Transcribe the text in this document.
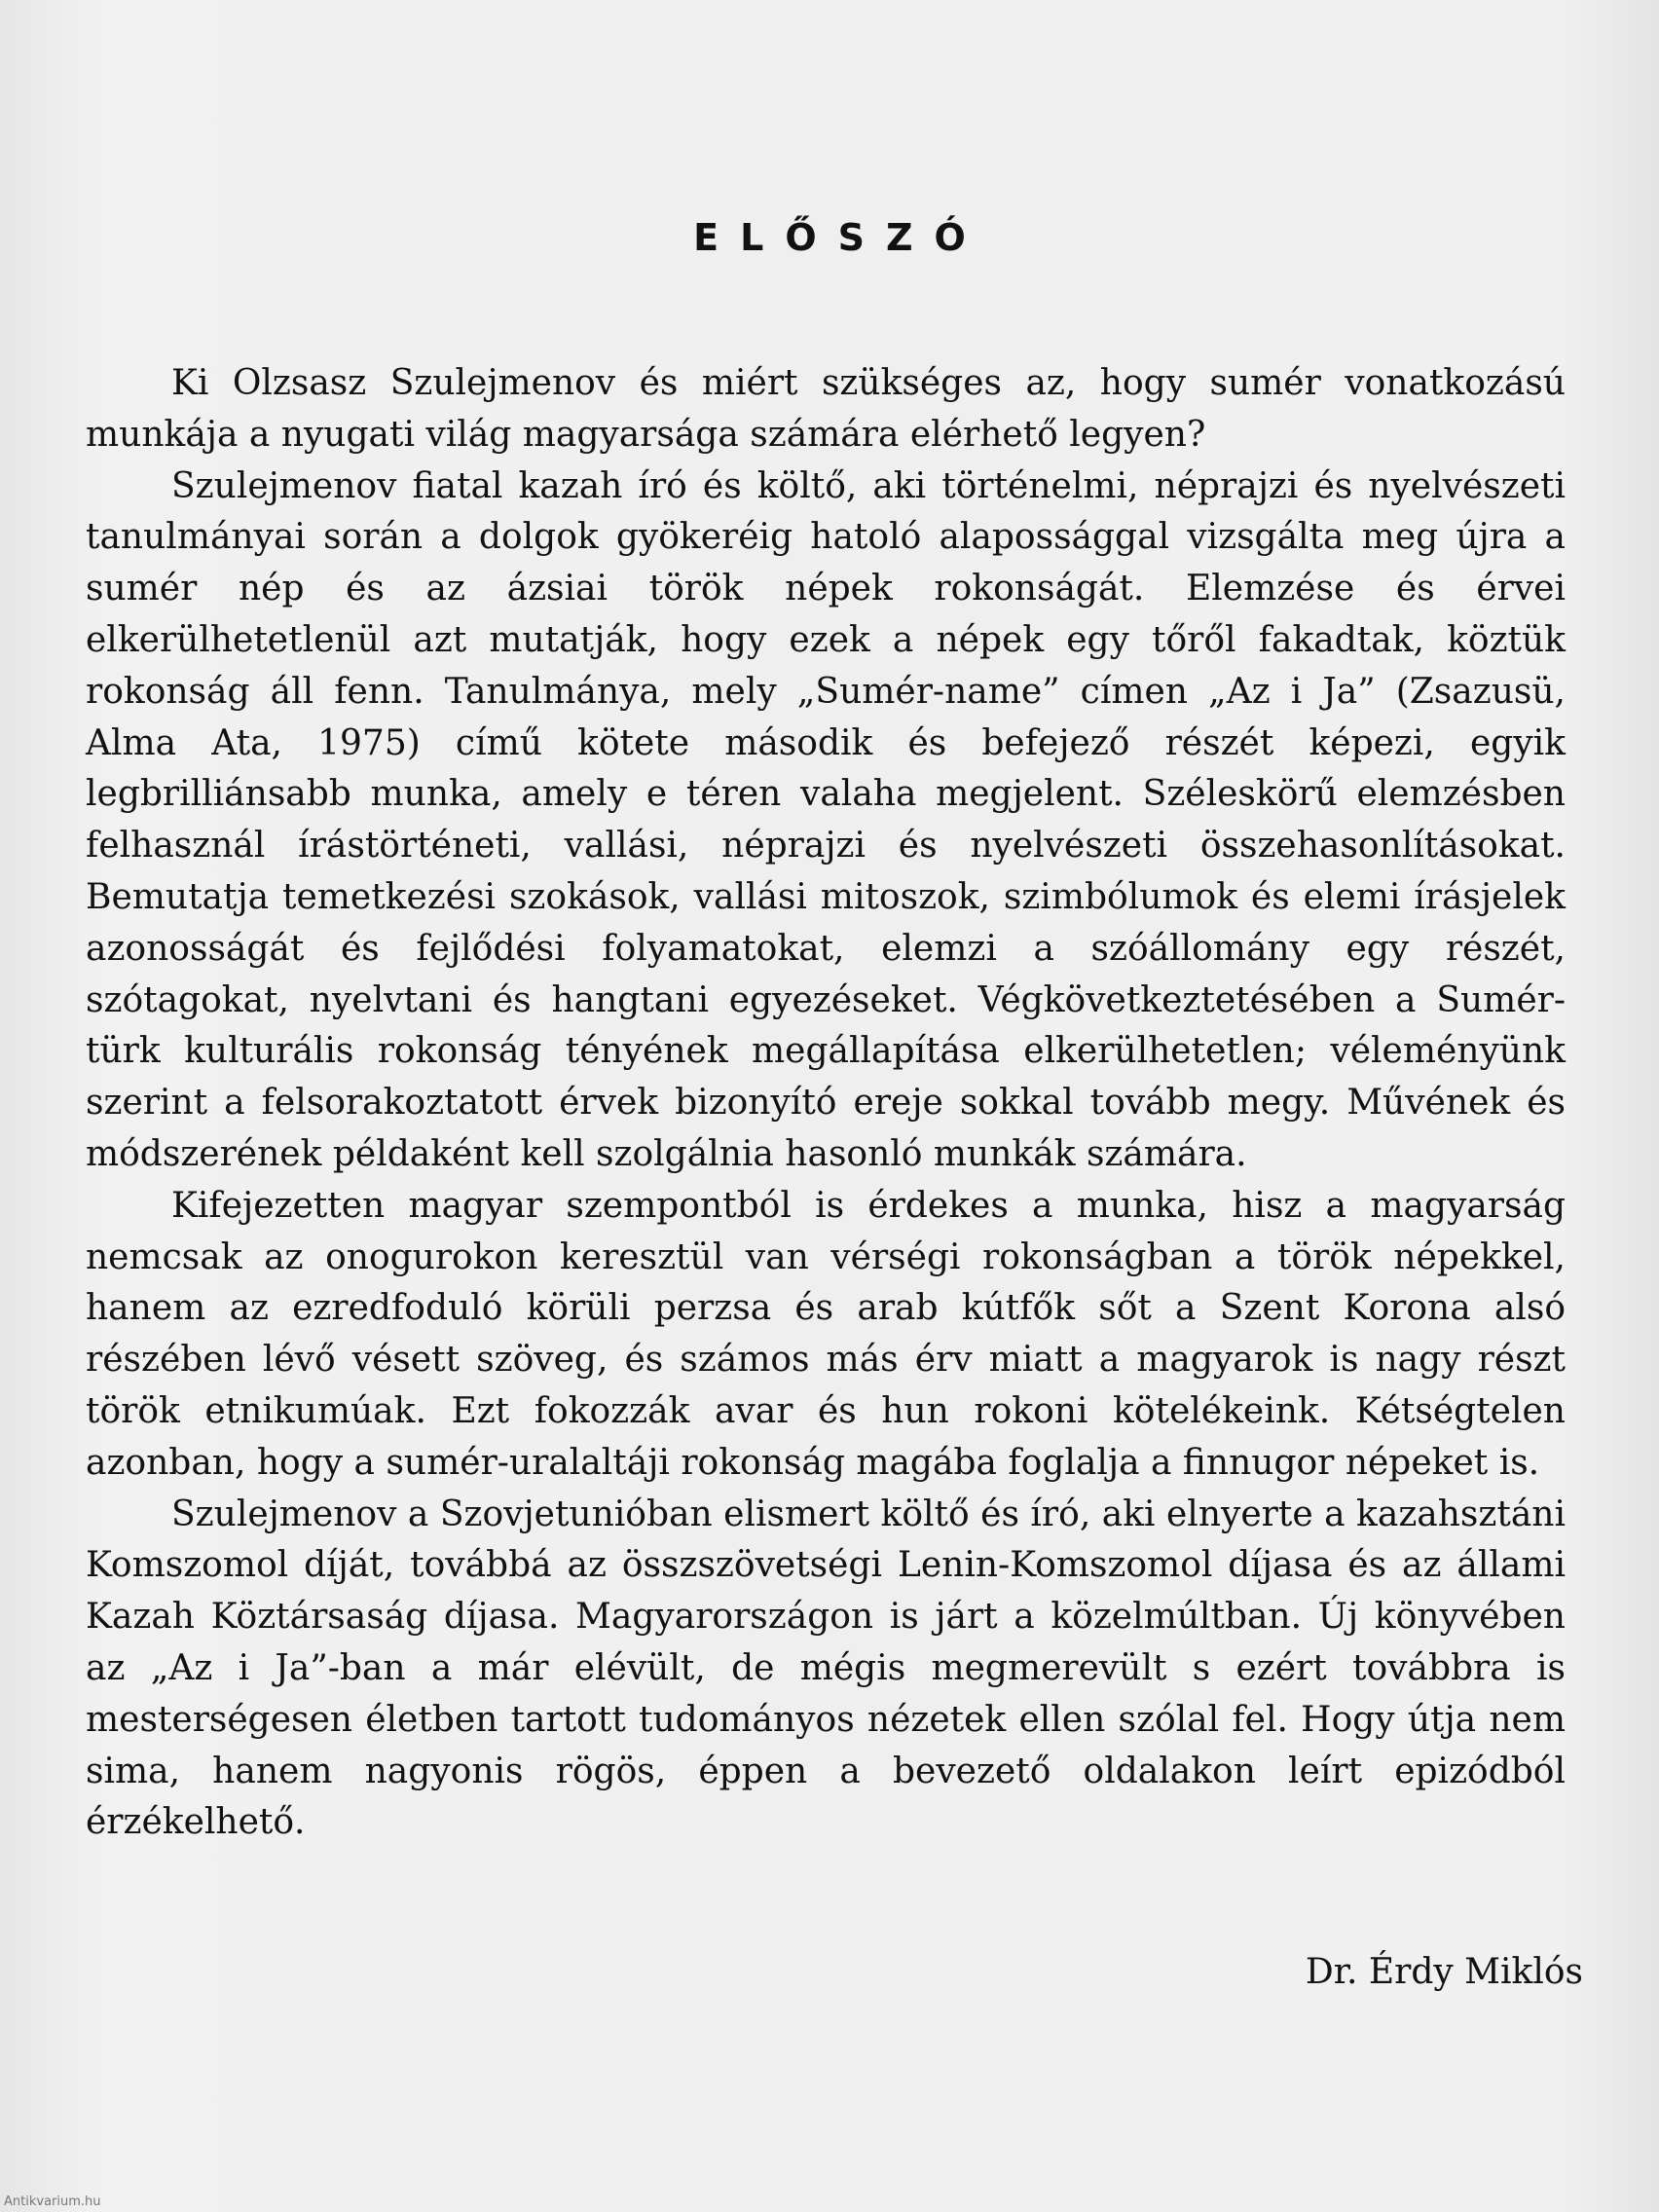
ELŐSZÓ

Ki Olzsasz Szulejmenov és miért szükséges az, hogy sumér vonatkozású munkája a nyugati világ magyarsága számára elérhető legyen?

Szulejmenov fiatal kazah író és költő, aki történelmi, néprajzi és nyelvészeti tanulmányai során a dolgok gyökeréig hatoló alapossággal vizsgálta meg újra a sumér nép és az ázsiai török népek rokonságát. Elemzése és érvei elkerülhetetlenül azt mutatják, hogy ezek a népek egy tőről fakadtak, köztük rokonság áll fenn. Tanulmánya, mely „Sumér-name” címen „Az i Ja” (Zsazusü, Alma Ata, 1975) című kötete második és befejező részét képezi, egyik legbrilliánsabb munka, amely e téren valaha megjelent. Széleskörű elemzésben felhasznál írástörténeti, vallási, néprajzi és nyelvészeti összehasonlításokat. Bemutatja temetkezési szokások, vallási mitoszok, szimbólumok és elemi írásjelek azonosságát és fejlődési folyamatokat, elemzi a szóállomány egy részét, szótagokat, nyelvtani és hangtani egyezéseket. Végkövetkeztetésében a Sumér-türk kulturális rokonság tényének megállapítása elkerülhetetlen; véleményünk szerint a felsorakoztatott érvek bizonyító ereje sokkal tovább megy. Művének és módszerének példaként kell szolgálnia hasonló munkák számára.

Kifejezetten magyar szempontból is érdekes a munka, hisz a magyarság nemcsak az onogurokon keresztül van vérségi rokonságban a török népekkel, hanem az ezredfoduló körüli perzsa és arab kútfők sőt a Szent Korona alsó részében lévő vésett szöveg, és számos más érv miatt a magyarok is nagy részt török etnikumúak. Ezt fokozzák avar és hun rokoni kötelékeink. Kétségtelen azonban, hogy a sumér-uralaltáji rokonság magába foglalja a finnugor népeket is.

Szulejmenov a Szovjetunióban elismert költő és író, aki elnyerte a kazahsztáni Komszomol díját, továbbá az összszövetségi Lenin-Komszomol díjasa és az állami Kazah Köztársaság díjasa. Magyarországon is járt a közelmúltban. Új könyvében az „Az i Ja”-ban a már elévült, de mégis megmerevült s ezért továbbra is mesterségesen életben tartott tudományos nézetek ellen szólal fel. Hogy útja nem sima, hanem nagyonis rögös, éppen a bevezető oldalakon leírt epizódból érzékelhető.

Dr. Érdy Miklós
Antikvarium.hu
